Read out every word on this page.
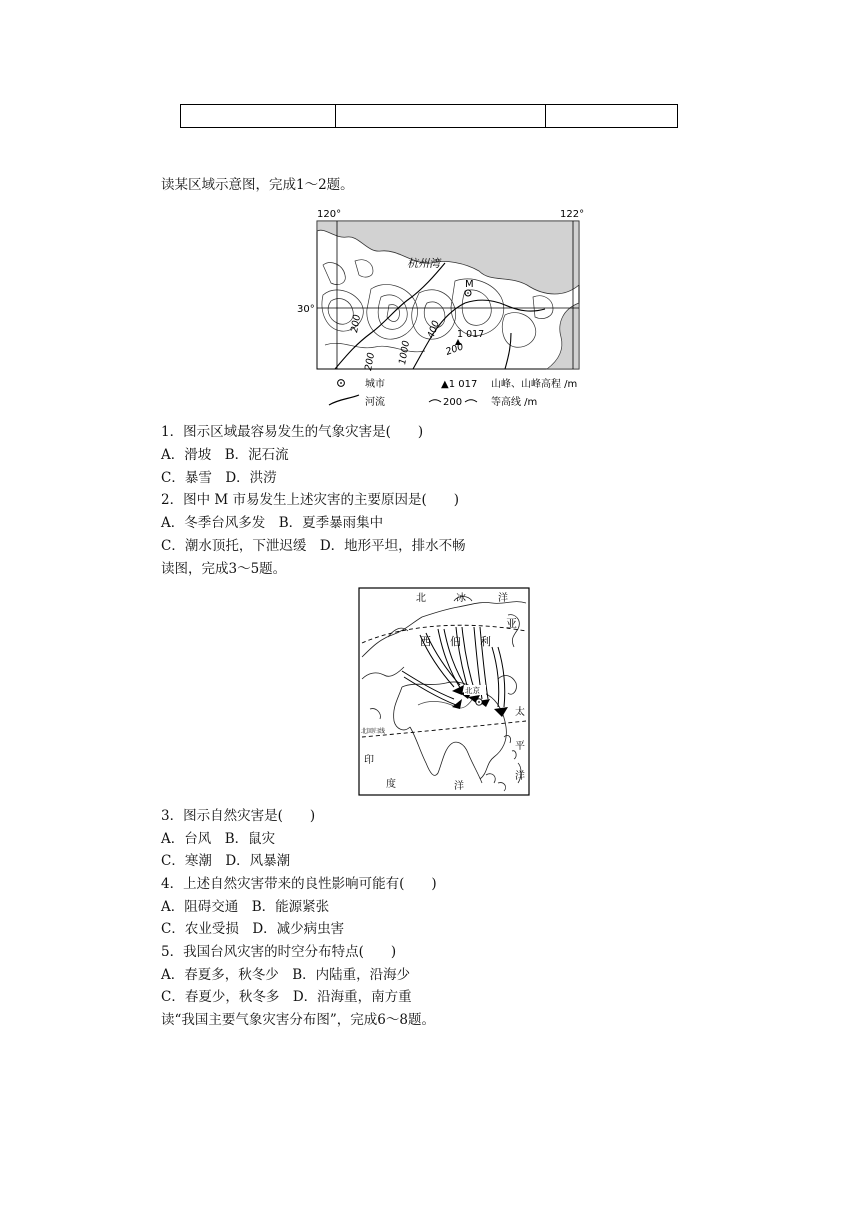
读某区域示意图，完成1～2题。
120°	122°
30°
杭州湾
M
1 017
200
200
1000
400
200
城市	▲1 017 山峰、山峰高程 /m
河流	200	等高线 /m
1．图示区域最容易发生的气象灾害是(　　)
A．滑坡　B．泥石流
C．暴雪　D．洪涝
2．图中 M 市易发生上述灾害的主要原因是(　　)
A．冬季台风多发　B．夏季暴雨集中
C．潮水顶托，下泄迟缓　D．地形平坦，排水不畅
读图，完成3～5题。
北京
北	冰	洋
西 伯 利
亚
太
平
洋
印
度	洋
北回归线
3．图示自然灾害是(　　)
A．台风　B．鼠灾
C．寒潮　D．风暴潮
4．上述自然灾害带来的良性影响可能有(　　)
A．阻碍交通　B．能源紧张
C．农业受损　D．减少病虫害
5．我国台风灾害的时空分布特点(　　)
A．春夏多，秋冬少　B．内陆重，沿海少
C．春夏少，秋冬多　D．沿海重，南方重
读“我国主要气象灾害分布图”，完成6～8题。
